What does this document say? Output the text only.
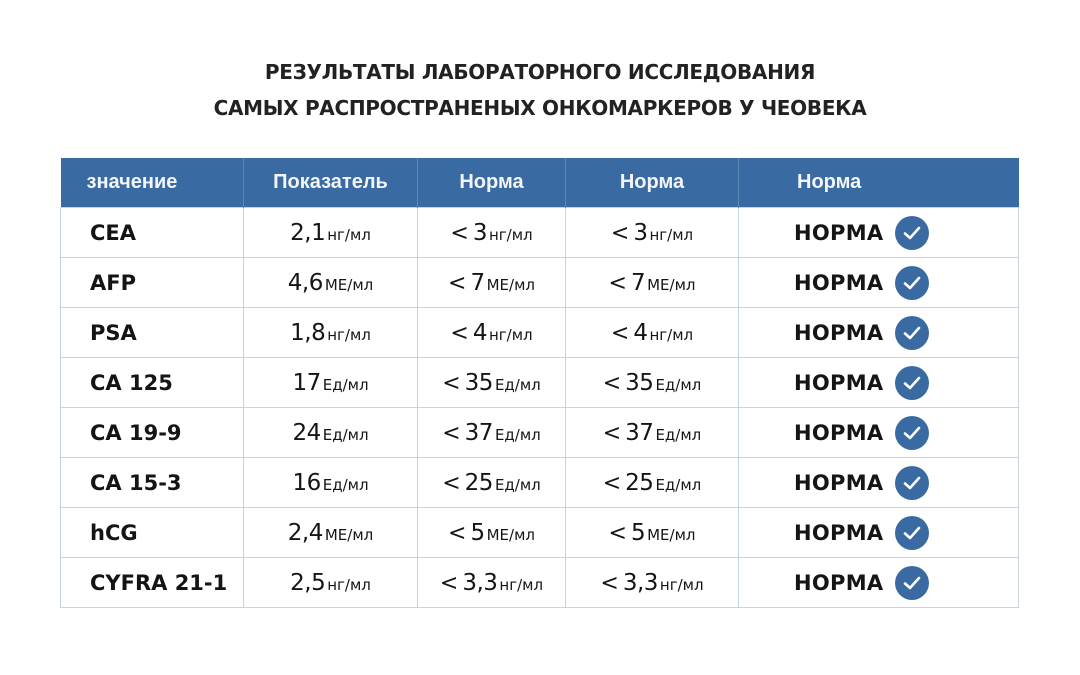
РЕЗУЛЬТАТЫ ЛАБОРАТОРНОГО ИССЛЕДОВАНИЯ
САМЫХ РАСПРОСТРАНЕНЫХ ОНКОМАРКЕРОВ У ЧЕОВЕКА
значение	Показатель	Норма	Норма	Норма
CEA	2,1 нг/мл	< 3 нг/мл	< 3 нг/мл	НОРМА

AFP	4,6 МЕ/мл	< 7 МЕ/мл	< 7 МЕ/мл	НОРМА

PSA	1,8 нг/мл	< 4 нг/мл	< 4 нг/мл	НОРМА

CA 125	17 Ед/мл	< 35 Ед/мл	< 35 Ед/мл	НОРМА

CA 19-9	24 Ед/мл	< 37 Ед/мл	< 37 Ед/мл	НОРМА

CA 15-3	16 Ед/мл	< 25 Ед/мл	< 25 Ед/мл	НОРМА

hCG	2,4 МЕ/мл	< 5 МЕ/мл	< 5 МЕ/мл	НОРМА

CYFRA 21-1	2,5 нг/мл	< 3,3 нг/мл	< 3,3 нг/мл	НОРМА
